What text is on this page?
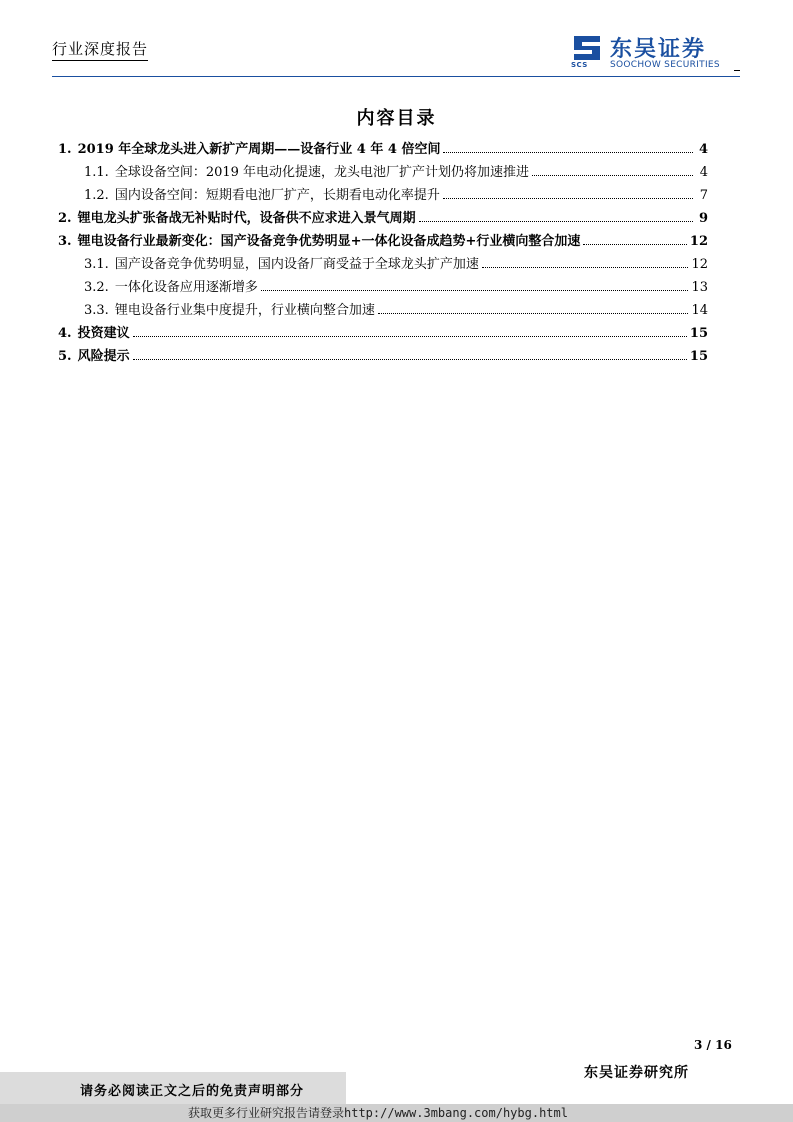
行业深度报告
SCS
东吴证券
SOOCHOW SECURITIES
内容目录
1. 2019 年全球龙头进入新扩产周期——设备行业 4 年 4 倍空间	4
1.1. 全球设备空间：2019 年电动化提速，龙头电池厂扩产计划仍将加速推进	4
1.2. 国内设备空间：短期看电池厂扩产，长期看电动化率提升	7
2. 锂电龙头扩张备战无补贴时代，设备供不应求进入景气周期	9
3. 锂电设备行业最新变化：国产设备竞争优势明显+一体化设备成趋势+行业横向整合加速	12
3.1. 国产设备竞争优势明显，国内设备厂商受益于全球龙头扩产加速	12
3.2. 一体化设备应用逐渐增多	13
3.3. 锂电设备行业集中度提升，行业横向整合加速	14
4. 投资建议	15
5. 风险提示	15
3 / 16
请务必阅读正文之后的免责声明部分
东吴证券研究所
获取更多行业研究报告请登录http://www.3mbang.com/hybg.html
